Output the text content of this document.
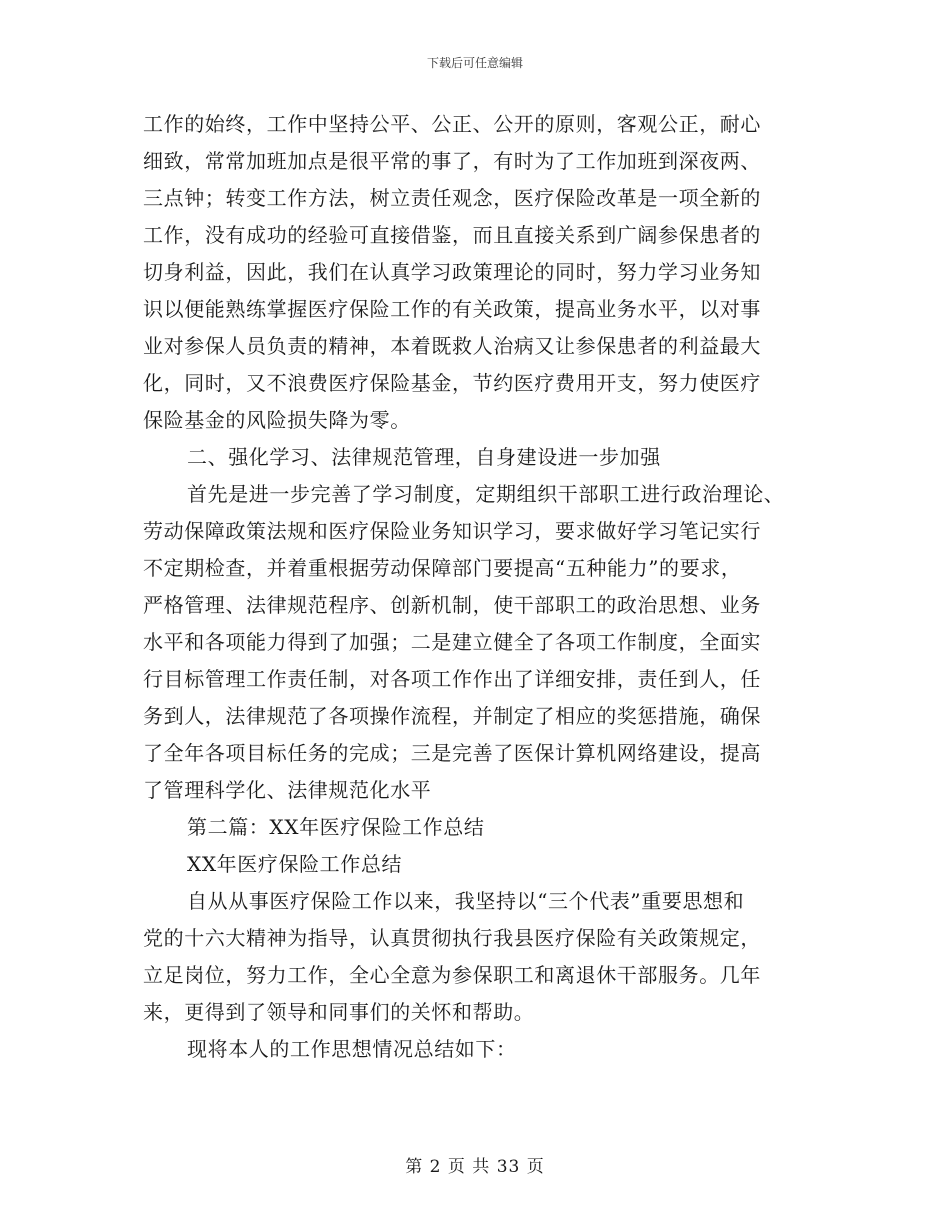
下载后可任意编辑
工作的始终，工作中坚持公平、公正、公开的原则，客观公正，耐心
细致，常常加班加点是很平常的事了，有时为了工作加班到深夜两、
三点钟；转变工作方法，树立责任观念，医疗保险改革是一项全新的
工作，没有成功的经验可直接借鉴，而且直接关系到广阔参保患者的
切身利益，因此，我们在认真学习政策理论的同时，努力学习业务知
识以便能熟练掌握医疗保险工作的有关政策，提高业务水平，以对事
业对参保人员负责的精神，本着既救人治病又让参保患者的利益最大
化，同时，又不浪费医疗保险基金，节约医疗费用开支，努力使医疗
保险基金的风险损失降为零。
二、强化学习、法律规范管理，自身建设进一步加强
首先是进一步完善了学习制度，定期组织干部职工进行政治理论、
劳动保障政策法规和医疗保险业务知识学习，要求做好学习笔记实行
不定期检查，并着重根据劳动保障部门要提高“五种能力”的要求，
严格管理、法律规范程序、创新机制，使干部职工的政治思想、业务
水平和各项能力得到了加强；二是建立健全了各项工作制度，全面实
行目标管理工作责任制，对各项工作作出了详细安排，责任到人，任
务到人，法律规范了各项操作流程，并制定了相应的奖惩措施，确保
了全年各项目标任务的完成；三是完善了医保计算机网络建设，提高
了管理科学化、法律规范化水平
第二篇：XX年医疗保险工作总结
XX年医疗保险工作总结
自从从事医疗保险工作以来，我坚持以“三个代表”重要思想和
党的十六大精神为指导，认真贯彻执行我县医疗保险有关政策规定，
立足岗位，努力工作，全心全意为参保职工和离退休干部服务。几年
来，更得到了领导和同事们的关怀和帮助。
现将本人的工作思想情况总结如下：
第 2 页 共 33 页
